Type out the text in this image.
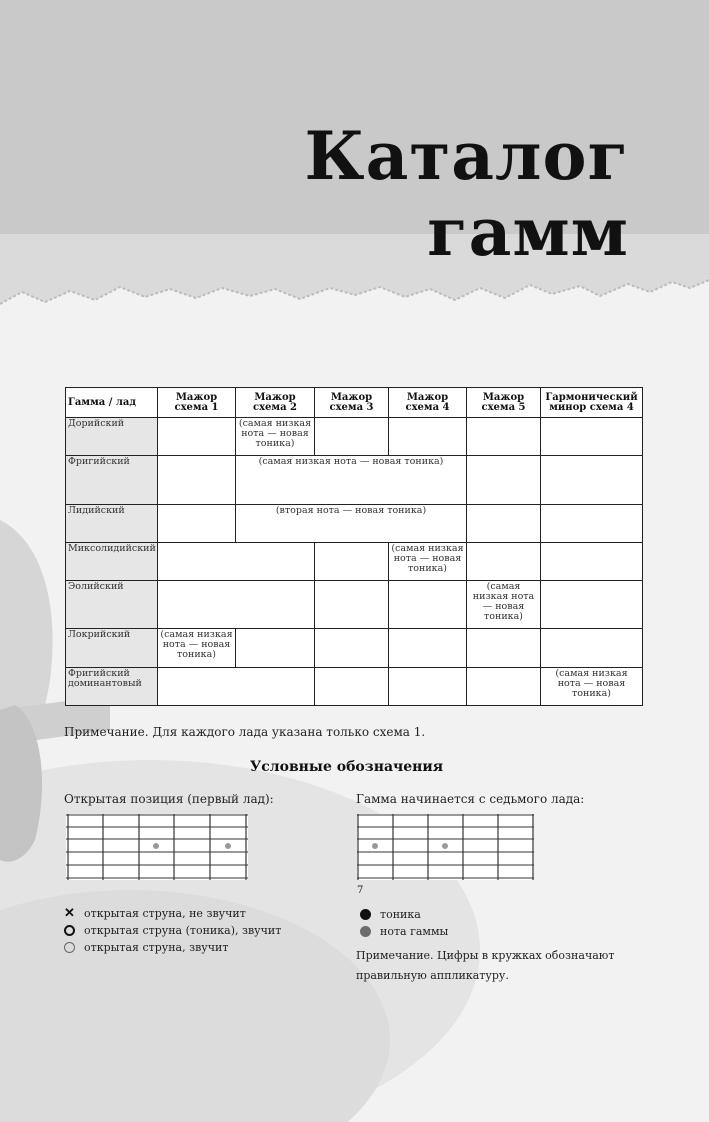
Каталог
гамм
Гамма / лад	Мажор схема 1	Мажор схема 2	Мажор схема 3	Мажор схема 4	Мажор схема 5	Гармонический минор схема 4
Дорийский		(самая низкая нота — новая тоника)				
Фригийский		(самая низкая нота — новая тоника)				
Лидийский		(вторая нота — новая тоника)				
Миксолидийский				(самая низкая нота — новая тоника)		
Эолийский					(самая низкая нота — новая тоника)	
Локрийский	(самая низкая нота — новая тоника)					
Фригийский доминантовый						(самая низкая нота — новая тоника)
Примечание. Для каждого лада указана только схема 1.
Условные обозначения
Открытая позиция (первый лад):	Гамма начинается с седьмого лада:
7
✕ открытая струна, не звучит
открытая струна (тоника), звучит
открытая струна, звучит
тоника
нота гаммы
Примечание. Цифры в кружках обозначают правильную аппликатуру.
